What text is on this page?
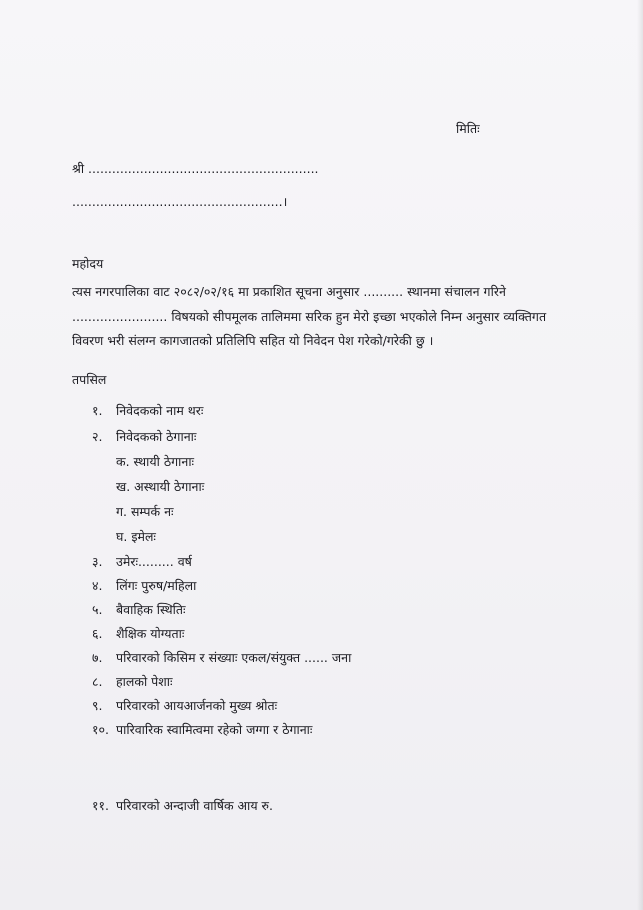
मितिः
श्री ..........................................................
.....................................................।
महोदय
त्यस नगरपालिका वाट २०८२/०२/१६ मा प्रकाशित सूचना अनुसार .......... स्थानमा संचालन गरिने
........................ विषयको सीपमूलक तालिममा सरिक हुन मेरो इच्छा भएकोले निम्न अनुसार व्यक्तिगत
विवरण भरी संलग्न कागजातको प्रतिलिपि सहित यो निवेदन पेश गरेको/गरेकी छु ।
तपसिल
१. निवेदकको नाम थरः
२. निवेदकको ठेगानाः
क. स्थायी ठेगानाः
ख. अस्थायी ठेगानाः
ग. सम्पर्क नः
घ. इमेलः
३. उमेरः......... वर्ष
४. लिंगः पुरुष/महिला
५. बैवाहिक स्थितिः
६. शैक्षिक योग्यताः
७. परिवारको किसिम र संख्याः एकल/संयुक्त ...... जना
८. हालको पेशाः
९. परिवारको आयआर्जनको मुख्य श्रोतः
१०. पारिवारिक स्वामित्वमा रहेको जग्गा र ठेगानाः
११. परिवारको अन्दाजी वार्षिक आय रु.
